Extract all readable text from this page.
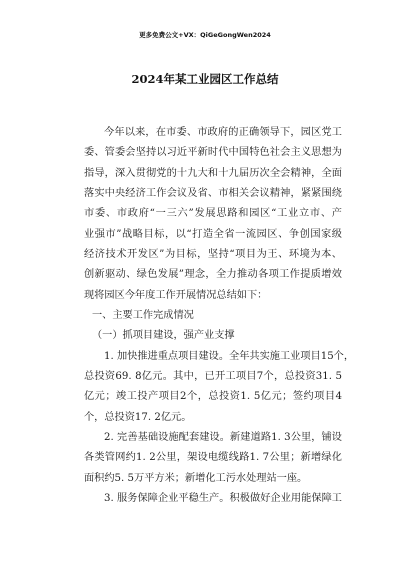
更多免费公文+VX：QiGeGongWen2024
2024年某工业园区工作总结
今年以来，在市委、市政府的正确领导下，园区党工
委、管委会坚持以习近平新时代中国特色社会主义思想为
指导，深入贯彻党的十九大和十九届历次全会精神，全面
落实中央经济工作会议及省、市相关会议精神，紧紧围绕
市委、市政府“一三六”发展思路和园区“工业立市、产
业强市”战略目标，以“打造全省一流园区、争创国家级
经济技术开发区”为目标，坚持“项目为王、环境为本、
创新驱动、绿色发展”理念，全力推动各项工作提质增效
现将园区今年度工作开展情况总结如下：
一、主要工作完成情况
（一）抓项目建设，强产业支撑
1. 加快推进重点项目建设。全年共实施工业项目15个，
总投资69. 8亿元。其中，已开工项目7个，总投资31. 5
亿元；竣工投产项目2个，总投资1. 5亿元；签约项目4
个，总投资17. 2亿元。
2. 完善基础设施配套建设。新建道路1. 3公里，铺设
各类管网约1. 2公里，架设电缆线路1. 7公里；新增绿化
面积约5. 5万平方米；新增化工污水处理站一座。
3. 服务保障企业平稳生产。积极做好企业用能保障工
